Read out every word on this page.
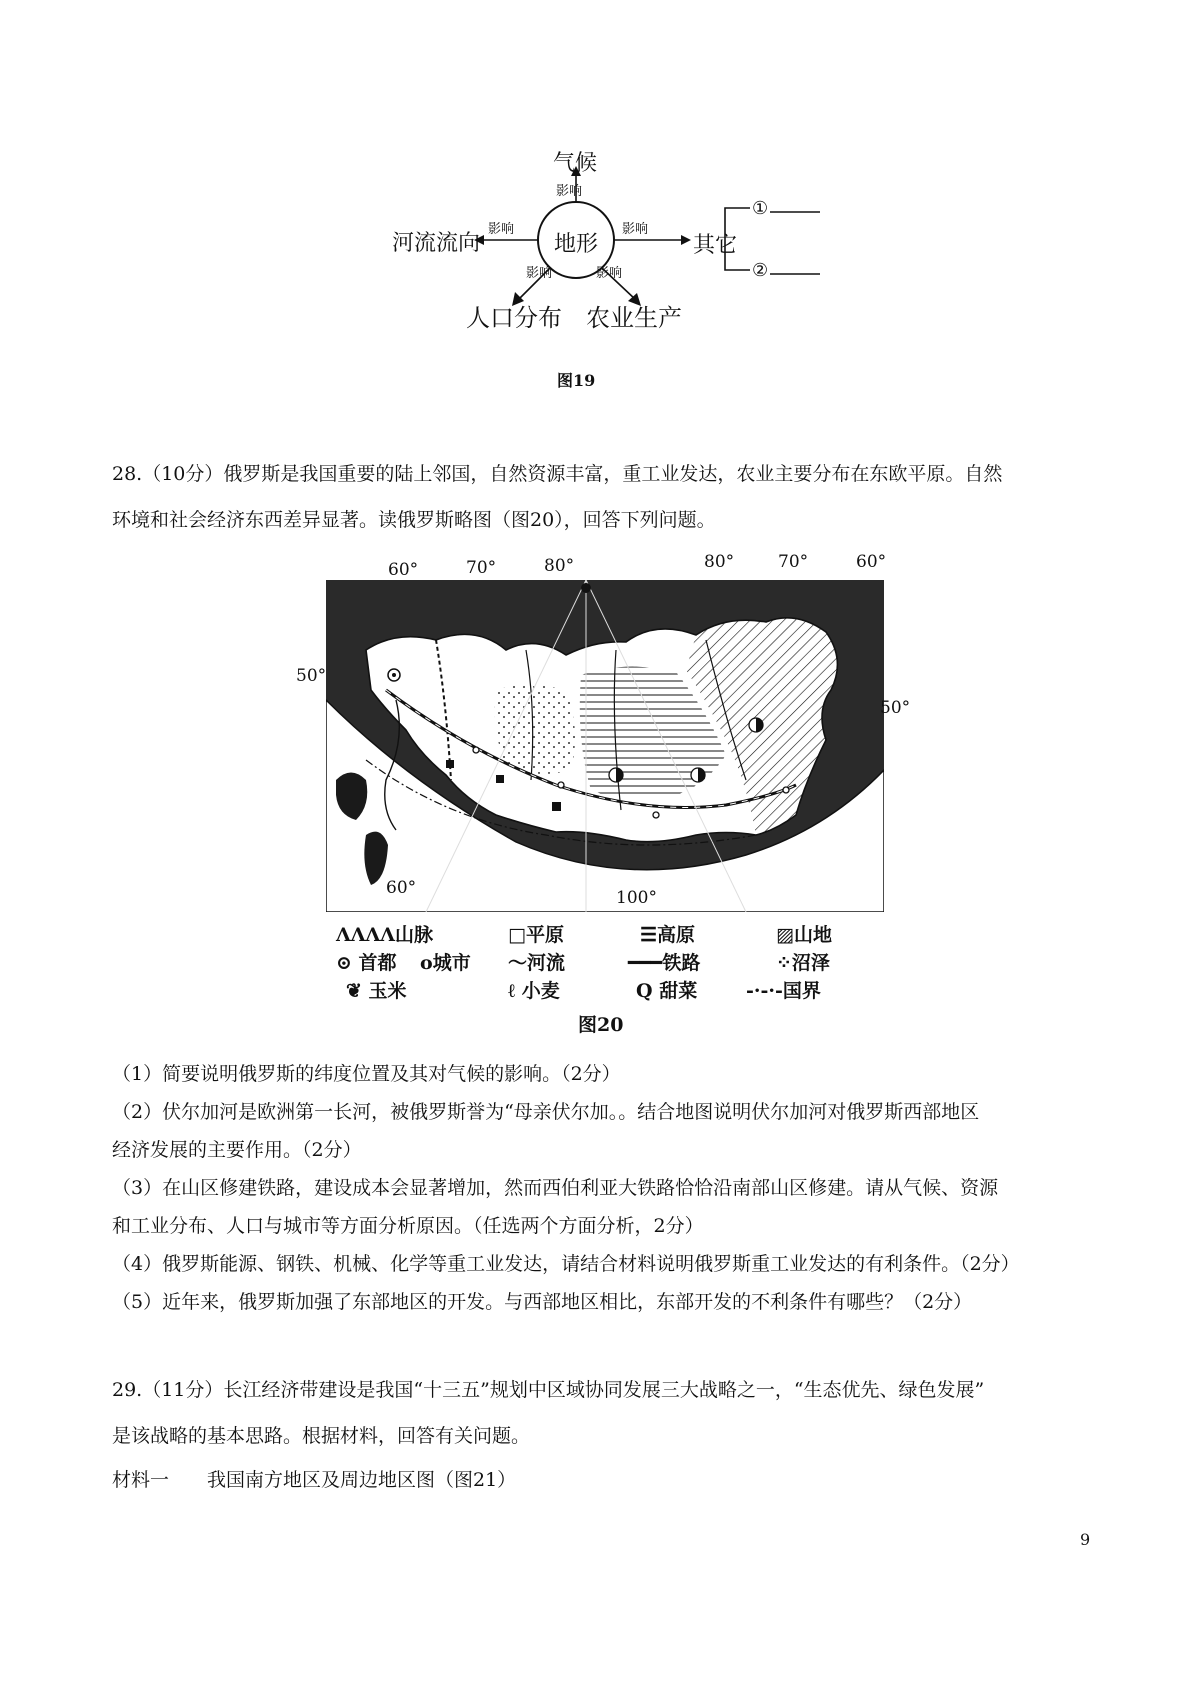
气候
影响
河流流向
影响
地形
影响
其它
①
②
影响	影响
人口分布 农业生产
图19
28.（10分）俄罗斯是我国重要的陆上邻国，自然资源丰富，重工业发达，农业主要分布在东欧平原。自然
环境和社会经济东西差异显著。读俄罗斯略图（图20），回答下列问题。
60°	70°	80°	80°	70°	60°
50°
50°
60°	100°	140°
ΛΛΛΛ山脉	□平原	☰高原	▨山地
⊙ 首都 o城市 〜河流	━━━铁路	⁘沼泽
❦ 玉米	ℓ 小麦	Q 甜菜	-·-·-国界
图20
（1）简要说明俄罗斯的纬度位置及其对气候的影响。（2分）
（2）伏尔加河是欧洲第一长河，被俄罗斯誉为“母亲伏尔加。。结合地图说明伏尔加河对俄罗斯西部地区
经济发展的主要作用。（2分）
（3）在山区修建铁路，建设成本会显著增加，然而西伯利亚大铁路恰恰沿南部山区修建。请从气候、资源
和工业分布、人口与城市等方面分析原因。（任选两个方面分析，2分）
（4）俄罗斯能源、钢铁、机械、化学等重工业发达，请结合材料说明俄罗斯重工业发达的有利条件。（2分）
（5）近年来，俄罗斯加强了东部地区的开发。与西部地区相比，东部开发的不利条件有哪些？（2分）
29.（11分）长江经济带建设是我国“十三五”规划中区域协同发展三大战略之一，“生态优先、绿色发展”
是该战略的基本思路。根据材料，回答有关问题。
材料一　　我国南方地区及周边地区图（图21）
9
